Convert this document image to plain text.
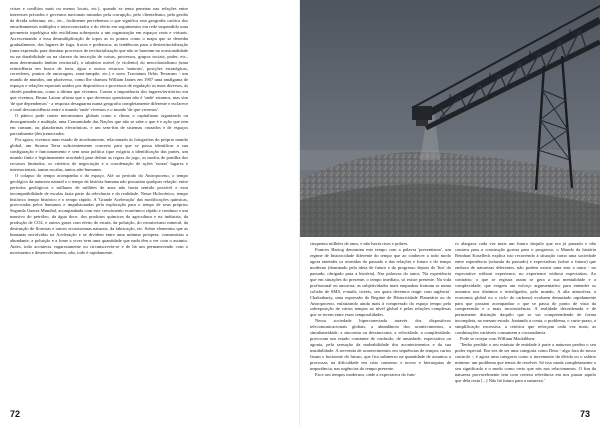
crises e conflitos mais ou menos locais, etc.), quando se tenta penetrar nas relações entre interesses privados e governos nacionais minados pela corrupção, pelo clientelismo, pela gestão da dívida soberana, etc., etc., facilmente percebemos o que significa esta geografia caótica dos encadeamentos múltiplos e interconectados e do efeito em seguimentos em rede suspendido uma geometria topológica não euclidiana sobreposta a um organização em espaços reais e virtuais. Acrescentando a essa desmultiplicação de topos as os pontos como o mapa que se desenha gradualmente, dos lugares de fuga, fracos e poderosos, as tendências para a desterritorialização (uma expressão para dominar processos de territorialização que não se baseiam na ocasionalidade ou na durabilidade ou na clareza da inscrição de coisas, processos, grupos sociais, poder, etc., num determinado âmbito territorial), o tabuleiro móvel (e violento) do neocolonialismo (uma reincidência em busca de terra, água e outros recursos 'naturais', posições estratégicas, corredores, pontos de ancoragem, zona-tampão, etc.) e novo Tractatum Orbis Terrarum - um mundo de mundos, um pluriverso, como lhe chamou William James em 1907 uma amálgama de espaços e relações espaciais unidos por dispositivos e processos de regulação os mais diversos, às chinês pandemias, como a última que vivemos. Contra a importância dos lugares/territórios em que vivemos, Bruno Latour afirma que o que devemos questionar não é 'onde' estamos, mas sim 'de que dependemos' - a resposta desaguarna numa geografia completamente diferente e esclarece o total desconcidência entre o mundo 'onde' vivemos e o mundo 'de que vivemos'.

O pânico pode conter mecanismos globais como o clima, o capitalismo organizado ou desorganizado e multipla, uma Comunidade das Nações que não se sabe o que é e ação que tem em comum, ou plataformas electrónicas, e um sem-fim de sistemas cruzados e de espaços parcialmente (des)conectados.

Por agora, vivemos num estado de atordoamento, relacionado às fotografias do próprio mundo global, um Stroma Terra suficientemente concreto para que se possa identificar a sua configuração e funcionamento e sem uma política (que exigiria a identificação das partes, um mundo finito e legitimamente acordado) para definir as regras do jogo, os modos de partilha dos recursos limitados, os critérios de negociação e a coordenação de ações 'outras' lugares e internacionais, tantas escalas, tantos não-humanos.

O colapso do tempo acompanha o do espaço. Até ao período do Antropoceno, o tempo geológico da natureza natural e o tempo da história humana não possuíam qualquer relação: entre períodos geológicos e milhares de milhões de anos não havia sentido possível e essa incompatibilidade de escalas fazia parte da relevância e da realidade. Nesse Holocénico, tempo histórico tempo histórico e o tempo rápido. A 'Grande Aceleração' das modificações químicas, provocadas pelos humanos e impulsionadas pela exploração para o tempo de seus próprios Segunda Guerra Mundial, acompanhada com este crescimento económico rápido e contínuo e um massivo do petróleo, da água doce, dos produtos químicos da agricultura e na indústria, da produção de CO2, e outros gases com efeito de estufa, da poluição, do extrativismo mineral, da destruição de florestas e outros ecossistemas naturais, da fabricação, etc. Sobre elementos que as humanas envolvidas na Aceleração e se dividem entre uma mínima próspera, consumistas a abundante, a poluição e a fome a viver sem uma quantidade que nada têm a ver com o assunto. Antes, todo acontecia vagarosamente ou circunscrevia-se e de há um permanecendo com o movimento e desenvolvimento, não, todo é rapidamente.

72

cinquenta milhões de anos, e não havia risos e pobres.

Frances Hartog denomina este tempo com a palavra 'presentismo', um regime de historicidade diferente do tempo que ao conhecer a todo modo agora entender os avenidas do passado e das relações e futuro e do tempo moderno (dominado pela ideia de futuro e do progresso depois de 'fim' do passado, obrigado para a história). Nas palavras do autor, 'Na experiência que em situações do presente, o tempo imediato, só existe presente. Na vida profissional ou amorosa, as subjetividades mais enquadras formam se numa colisão de SMS, e-mails, tweets, sex quais devemos reagir com urgência'. Chakrabarty, uma expressão do Regime de Historicidade Planetário ou do Antropoceno, enfatizando ainda mais à compressão do espaço tempo pela sobreposição de vários tempos ao nível global e pelas relações complexas que se tecem entre esses temporalidades.

Nessa sociedade hiperconectada através dos dispositivos telecomunicacionais globais, a abundância dos acontecimentos, a simultaneidade, a sincronia ou dessincronia, a velocidade, a complexidade, provocam um estado constante de confusão, de ansiedade, expectativa ou agonia, pela sensação da maleabilidade dos acontecimentos e da sua instabilidade. A serventia de acontecimentos em sequências de tempos curtos fixam o horizonte do futuro, que fica submerso na quantidade de assuntos a processar, na dificuldade em criar consenso e novos e hierarquias de importância, nas urgências do tempo presente.

Face aos tempos modernos, onde a expectativa do futu-

ro alargava cada vez mais um futuro daquilo que era já passado e não contava para a construção gorosa para o progresso, o Mundo da história Reinhart Koselleck explica isto recorrendo à situação como uma sociedade entre experiência (oriunda do passado) e expectativas (sobre o futuro) que embora de naturezas diferentes, não podem existir uma sem a outra - no expectative without experience, no experience without expectation. Ao contrário, o que se registra assim se gera a sua mentalidade e a complexidade, que exigem um esforço argumentativo para entender os assuntos nos distintos e interligados, pelo mundo, A alta atmosfera, a economia global ou o ciclo do carbono) evoluem demasiado rapidamente para que possam acompanhar o que se passa do ponto de vista da compreensão e a mais inconsistência. A realidade desordenada e de permanente distinção daquilo que se vai compreendendo de forma incompleta, no mesmo estado. Juntando a conta, o problema, o curto-prazo, a simplificação excessiva, a retórica que reforçam cada vez mais, as combinações variáveis consumem a circunstância.

Pode se cotejar com William Mackibben:

'Tenho perdido o seu estatuto de entidade à parte a natureza perdeu o seu poder especial. Em vez de ser uma categoria como Deus - algo fora do nosso controlo -, é agora uma categoria como o incremento da dívida ou o salário mínimo: um problema que temos de resolver. Só isso muda completamente o seu significado e o modo como certo que nós nos relacionamos. O fim da natureza provavelmente tem com certeza relevância em nos passar aquilo que dela resta [...] Não há futuro para a natureza.'

73
